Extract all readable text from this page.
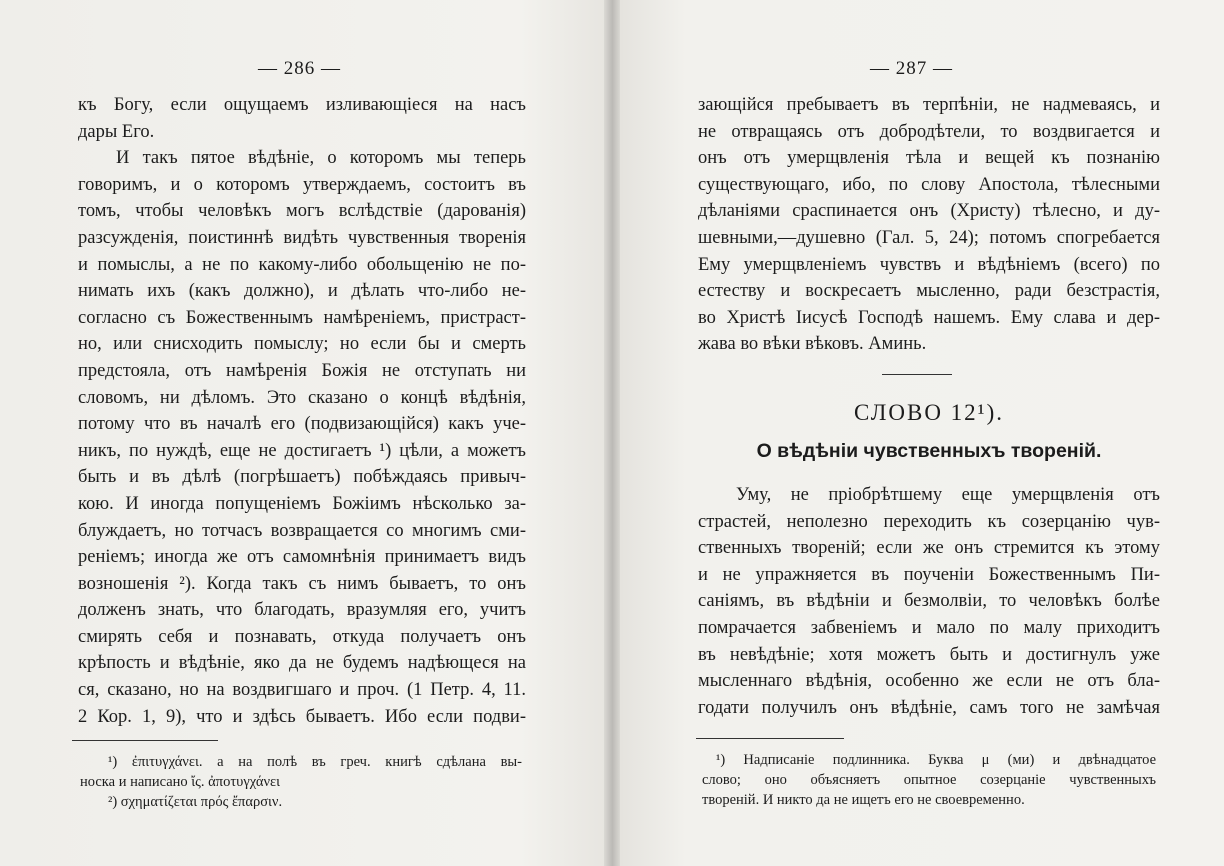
— 286 —
къ Богу, если ощущаемъ изливающіеся на насъ
дары Его.
И такъ пятое вѣдѣніе, о которомъ мы теперь
говоримъ, и о которомъ утверждаемъ, состоитъ въ
томъ, чтобы человѣкъ могъ вслѣдствіе (дарованія)
разсужденія, поистиннѣ видѣть чувственныя творенія
и помыслы, а не по какому-либо обольщенію не по-
нимать ихъ (какъ должно), и дѣлать что-либо не-
согласно съ Божественнымъ намѣреніемъ, пристраст-
но, или снисходить помыслу; но если бы и смерть
предстояла, отъ намѣренія Божія не отступать ни
словомъ, ни дѣломъ. Это сказано о концѣ вѣдѣнія,
потому что въ началѣ его (подвизающійся) какъ уче-
никъ, по нуждѣ, еще не достигаетъ ¹) цѣли, а можетъ
быть и въ дѣлѣ (погрѣшаетъ) побѣждаясь привыч-
кою. И иногда попущеніемъ Божіимъ нѣсколько за-
блуждаетъ, но тотчасъ возвращается со многимъ сми-
реніемъ; иногда же отъ самомнѣнія принимаетъ видъ
возношенія ²). Когда такъ съ нимъ бываетъ, то онъ
долженъ знать, что благодать, вразумляя его, учитъ
смирять себя и познавать, откуда получаетъ онъ
крѣпость и вѣдѣніе, яко да не будемъ надѣющеся на
ся, сказано, но на воздвигшаго и проч. (1 Петр. 4, 11.
2 Кор. 1, 9), что и здѣсь бываетъ. Ибо если подви-
¹) ἐπιτυγχάνει. а на полѣ въ греч. книгѣ сдѣлана вы-
носка и написано ἴς. ἀποτυγχάνει
²) σχηματίζεται πρός ἔπαρσιν.
— 287 —
зающійся пребываетъ въ терпѣніи, не надмеваясь, и
не отвращаясь отъ добродѣтели, то воздвигается и
онъ отъ умерщвленія тѣла и вещей къ познанію
существующаго, ибо, по слову Апостола, тѣлесными
дѣланіями сраспинается онъ (Христу) тѣлесно, и ду-
шевными,—душевно (Гал. 5, 24); потомъ спогребается
Ему умерщвленіемъ чувствъ и вѣдѣніемъ (всего) по
естеству и воскресаетъ мысленно, ради безстрастія,
во Христѣ Іисусѣ Господѣ нашемъ. Ему слава и дер-
жава во вѣки вѣковъ. Аминь.
СЛОВО 12¹).
О вѣдѣніи чувственныхъ твореній.
Уму, не пріобрѣтшему еще умерщвленія отъ
страстей, неполезно переходить къ созерцанію чув-
ственныхъ твореній; если же онъ стремится къ этому
и не упражняется въ поученіи Божественнымъ Пи-
саніямъ, въ вѣдѣніи и безмолвіи, то человѣкъ болѣе
помрачается забвеніемъ и мало по малу приходитъ
въ невѣдѣніе; хотя можетъ быть и достигнулъ уже
мысленнаго вѣдѣнія, особенно же если не отъ бла-
годати получилъ онъ вѣдѣніе, самъ того не замѣчая
¹) Надписаніе подлинника. Буква μ (ми) и двѣнадцатое
слово; оно объясняетъ опытное созерцаніе чувственныхъ
твореній. И никто да не ищетъ его не своевременно.
